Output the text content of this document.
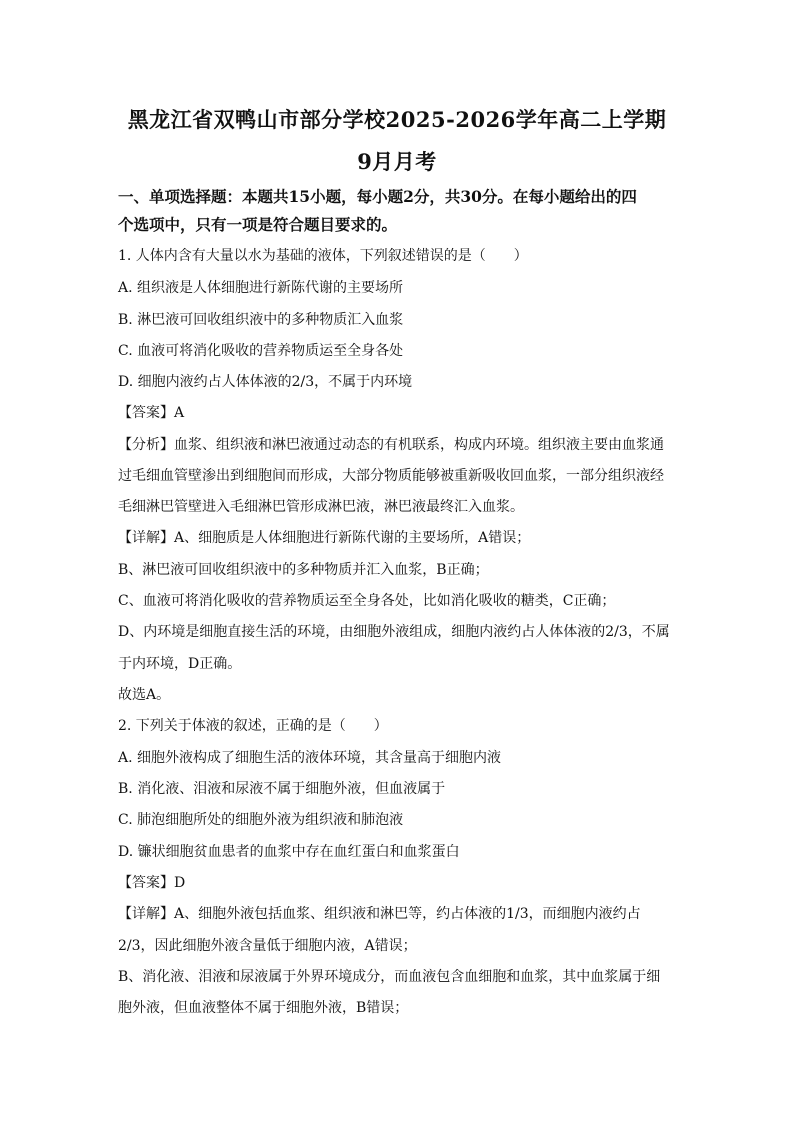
黑龙江省双鸭山市部分学校2025-2026学年高二上学期
9月月考
一、单项选择题：本题共15小题，每小题2分，共30分。在每小题给出的四
个选项中，只有一项是符合题目要求的。
1. 人体内含有大量以水为基础的液体，下列叙述错误的是（　　）
A. 组织液是人体细胞进行新陈代谢的主要场所
B. 淋巴液可回收组织液中的多种物质汇入血浆
C. 血液可将消化吸收的营养物质运至全身各处
D. 细胞内液约占人体体液的2/3，不属于内环境
【答案】A
【分析】血浆、组织液和淋巴液通过动态的有机联系，构成内环境。组织液主要由血浆通
过毛细血管壁渗出到细胞间而形成，大部分物质能够被重新吸收回血浆，一部分组织液经
毛细淋巴管壁进入毛细淋巴管形成淋巴液，淋巴液最终汇入血浆。
【详解】A、细胞质是人体细胞进行新陈代谢的主要场所，A错误；
B、淋巴液可回收组织液中的多种物质并汇入血浆，B正确；
C、血液可将消化吸收的营养物质运至全身各处，比如消化吸收的糖类，C正确；
D、内环境是细胞直接生活的环境，由细胞外液组成，细胞内液约占人体体液的2/3，不属
于内环境，D正确。
故选A。
2. 下列关于体液的叙述，正确的是（　　）
A. 细胞外液构成了细胞生活的液体环境，其含量高于细胞内液
B. 消化液、泪液和尿液不属于细胞外液，但血液属于
C. 肺泡细胞所处的细胞外液为组织液和肺泡液
D. 镰状细胞贫血患者的血浆中存在血红蛋白和血浆蛋白
【答案】D
【详解】A、细胞外液包括血浆、组织液和淋巴等，约占体液的1/3，而细胞内液约占
2/3，因此细胞外液含量低于细胞内液，A错误；
B、消化液、泪液和尿液属于外界环境成分，而血液包含血细胞和血浆，其中血浆属于细
胞外液，但血液整体不属于细胞外液，B错误；
